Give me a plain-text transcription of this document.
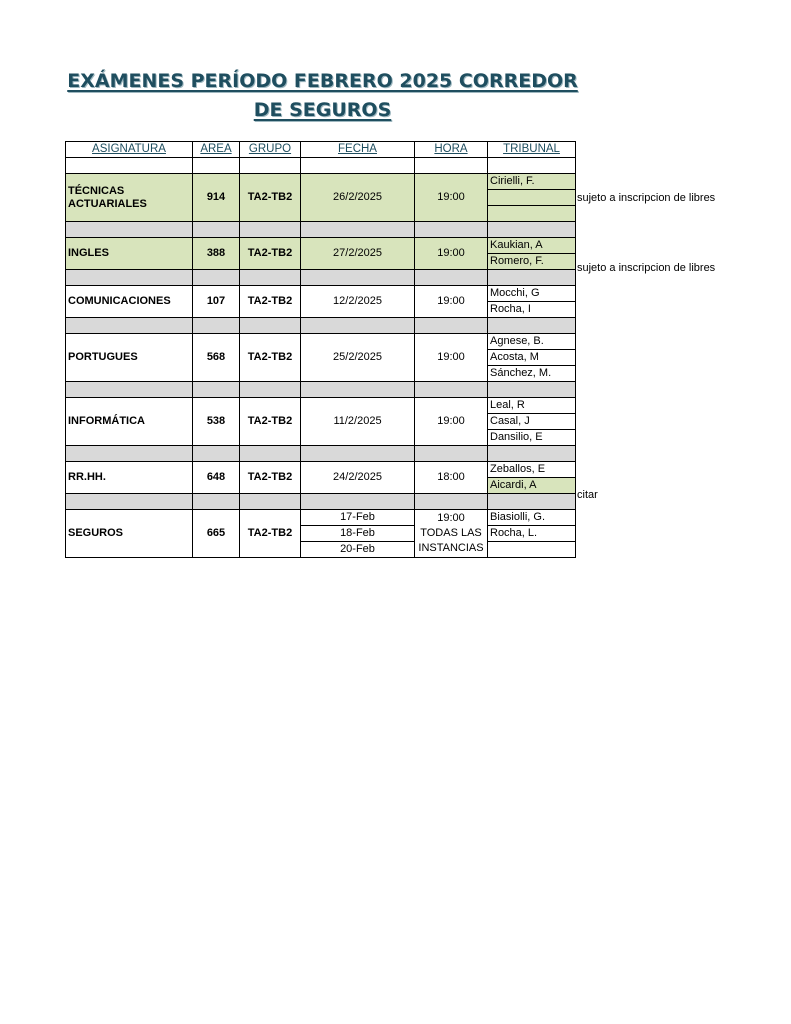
EXÁMENES PERÍODO FEBRERO 2025 CORREDOR
DE SEGUROS
ASIGNATURA	AREA	GRUPO	FECHA	HORA	TRIBUNAL

TÉCNICAS ACTUARIALES	914	TA2-TB2	26/2/2025	19:00	Cirielli, F.

INGLES	388	TA2-TB2	27/2/2025	19:00	Kaukian, A
					Romero, F.

COMUNICACIONES	107	TA2-TB2	12/2/2025	19:00	Mocchi, G
					Rocha, I

PORTUGUES	568	TA2-TB2	25/2/2025	19:00	Agnese, B.
					Acosta, M
					Sánchez, M.

INFORMÁTICA	538	TA2-TB2	11/2/2025	19:00	Leal, R
					Casal, J
					Dansilio, E

RR.HH.	648	TA2-TB2	24/2/2025	18:00	Zeballos, E
					Aicardi, A

SEGUROS	665	TA2-TB2	17-Feb	19:00 TODAS LAS INSTANCIAS	Biasiolli, G.
			18-Feb		Rocha, L.
			20-Feb		
sujeto a inscripcion de libres
sujeto a inscripcion de libres
citar
